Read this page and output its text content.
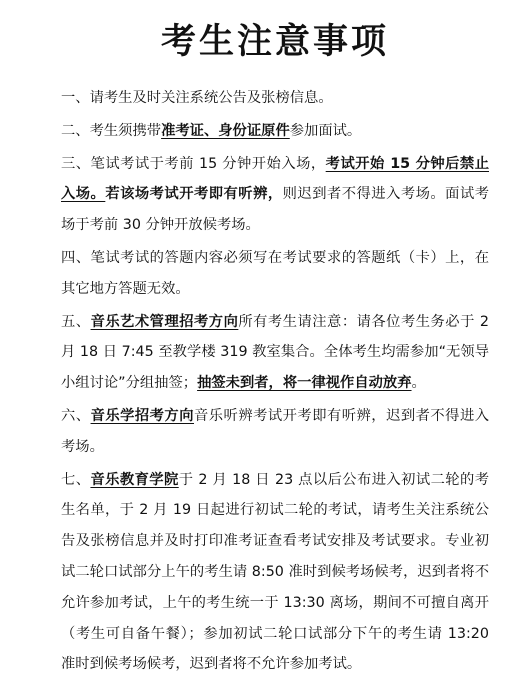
考生注意事项

一、请考生及时关注系统公告及张榜信息。

二、考生须携带准考证、身份证原件参加面试。

三、笔试考试于考前 15 分钟开始入场，考试开始 15 分钟后禁止入场。若该场考试开考即有听辨，则迟到者不得进入考场。面试考场于考前 30 分钟开放候考场。

四、笔试考试的答题内容必须写在考试要求的答题纸（卡）上，在其它地方答题无效。

五、音乐艺术管理招考方向所有考生请注意：请各位考生务必于 2 月 18 日 7:45 至教学楼 319 教室集合。全体考生均需参加“无领导小组讨论”分组抽签；抽签未到者，将一律视作自动放弃。

六、音乐学招考方向音乐听辨考试开考即有听辨，迟到者不得进入考场。

七、音乐教育学院于 2 月 18 日 23 点以后公布进入初试二轮的考生名单，于 2 月 19 日起进行初试二轮的考试，请考生关注系统公告及张榜信息并及时打印准考证查看考试安排及考试要求。专业初试二轮口试部分上午的考生请 8:50 准时到候考场候考，迟到者将不允许参加考试，上午的考生统一于 13:30 离场，期间不可擅自离开（考生可自备午餐）；参加初试二轮口试部分下午的考生请 13:20 准时到候考场候考，迟到者将不允许参加考试。
